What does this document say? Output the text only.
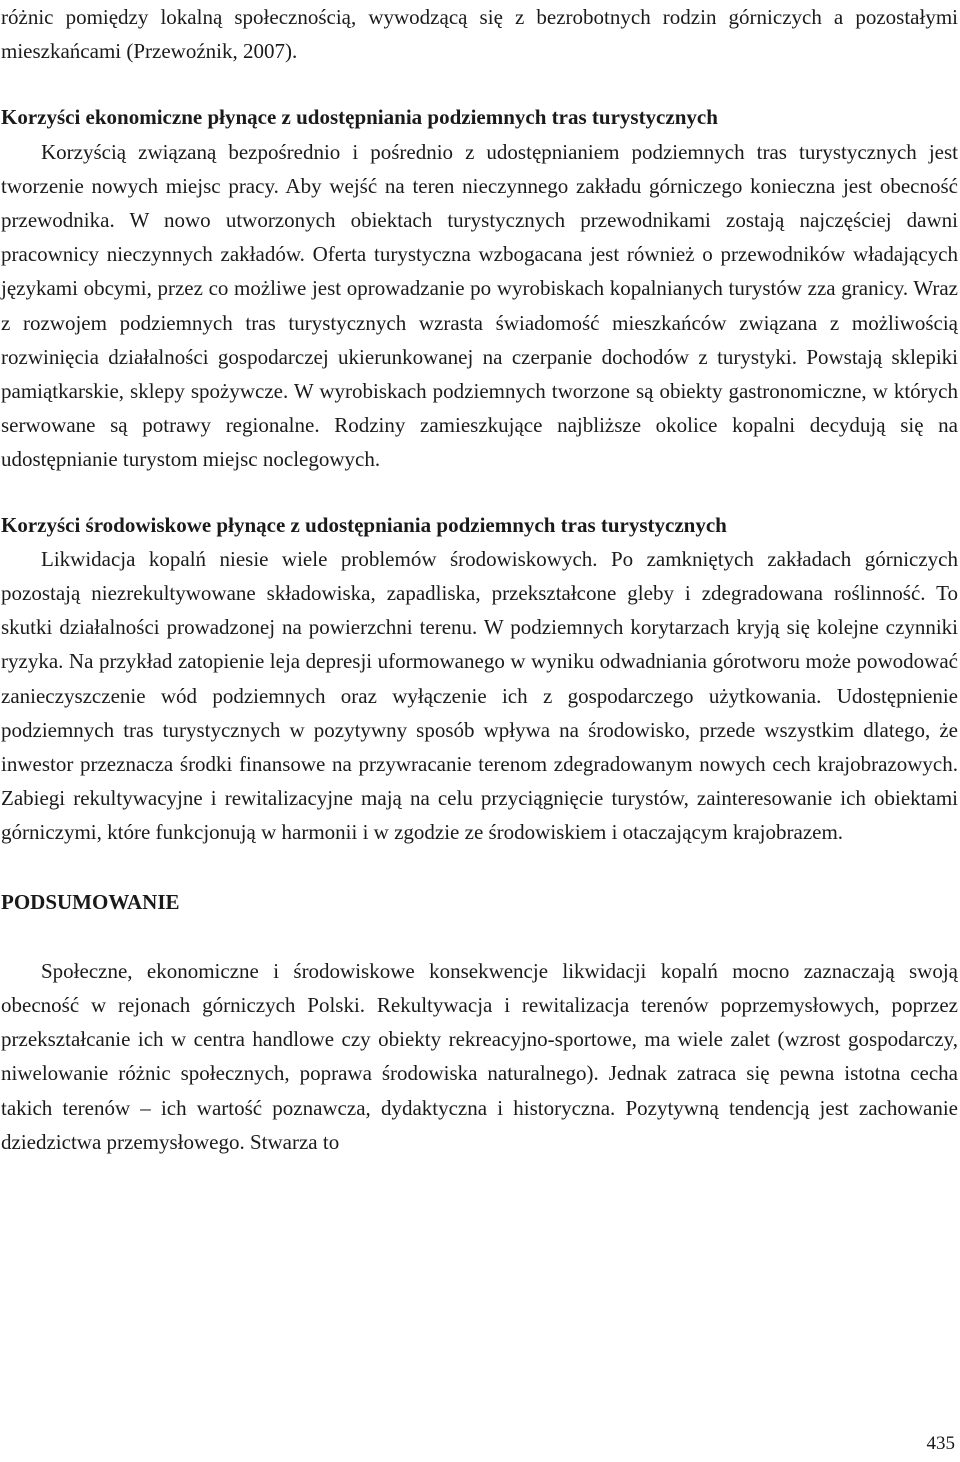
różnic pomiędzy lokalną społecznością, wywodzącą się z bezrobotnych rodzin górniczych a pozostałymi mieszkańcami (Przewoźnik, 2007).

Korzyści ekonomiczne płynące z udostępniania podziemnych tras turystycznych

Korzyścią związaną bezpośrednio i pośrednio z udostępnianiem podziemnych tras turystycznych jest tworzenie nowych miejsc pracy. Aby wejść na teren nieczynnego zakładu górniczego konieczna jest obecność przewodnika. W nowo utworzonych obiektach turystycznych przewodnikami zostają najczęściej dawni pracownicy nieczynnych zakładów. Oferta turystyczna wzbogacana jest również o przewodników władających językami obcymi, przez co możliwe jest oprowadzanie po wyrobiskach kopalnianych turystów zza granicy. Wraz z rozwojem podziemnych tras turystycznych wzrasta świadomość mieszkańców związana z możliwością rozwinięcia działalności gospodarczej ukierunkowanej na czerpanie dochodów z turystyki. Powstają sklepiki pamiątkarskie, sklepy spożywcze. W wyrobiskach podziemnych tworzone są obiekty gastronomiczne, w których serwowane są potrawy regionalne. Rodziny zamieszkujące najbliższe okolice kopalni decydują się na udostępnianie turystom miejsc noclegowych.

Korzyści środowiskowe płynące z udostępniania podziemnych tras turystycznych

Likwidacja kopalń niesie wiele problemów środowiskowych. Po zamkniętych zakładach górniczych pozostają niezrekultywowane składowiska, zapadliska, przekształcone gleby i zdegradowana roślinność. To skutki działalności prowadzonej na powierzchni terenu. W podziemnych korytarzach kryją się kolejne czynniki ryzyka. Na przykład zatopienie leja depresji uformowanego w wyniku odwadniania górotworu może powodować zanieczyszczenie wód podziemnych oraz wyłączenie ich z gospodarczego użytkowania. Udostępnienie podziemnych tras turystycznych w pozytywny sposób wpływa na środowisko, przede wszystkim dlatego, że inwestor przeznacza środki finansowe na przywracanie terenom zdegradowanym nowych cech krajobrazowych. Zabiegi rekultywacyjne i rewitalizacyjne mają na celu przyciągnięcie turystów, zainteresowanie ich obiektami górniczymi, które funkcjonują w harmonii i w zgodzie ze środowiskiem i otaczającym krajobrazem.

PODSUMOWANIE

Społeczne, ekonomiczne i środowiskowe konsekwencje likwidacji kopalń mocno zaznaczają swoją obecność w rejonach górniczych Polski. Rekultywacja i rewitalizacja terenów poprzemysłowych, poprzez przekształcanie ich w centra handlowe czy obiekty rekreacyjno-sportowe, ma wiele zalet (wzrost gospodarczy, niwelowanie różnic społecznych, poprawa środowiska naturalnego). Jednak zatraca się pewna istotna cecha takich terenów – ich wartość poznawcza, dydaktyczna i historyczna. Pozytywną tendencją jest zachowanie dziedzictwa przemysłowego. Stwarza to

435
